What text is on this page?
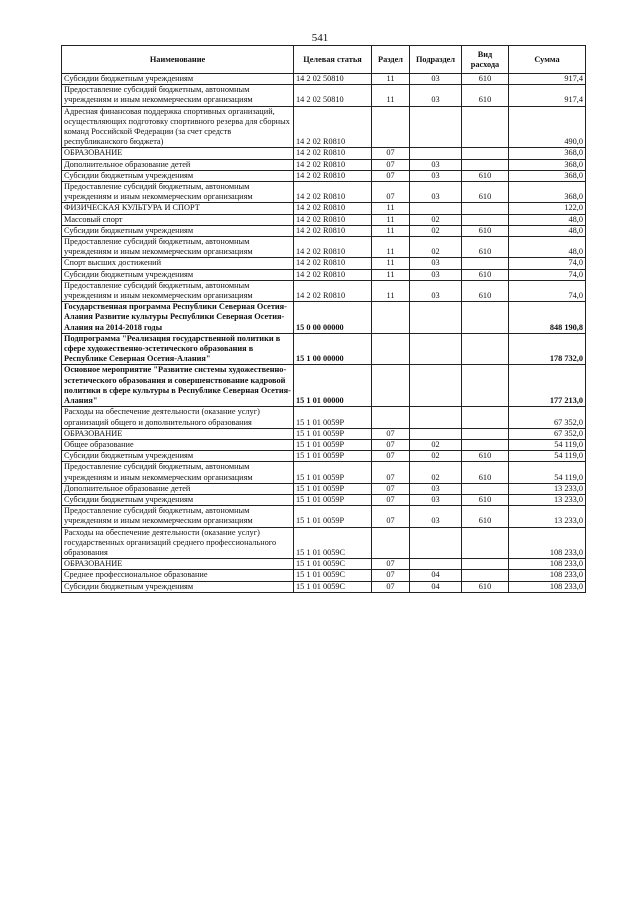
541
Наименование	Целевая статья	Раздел	Подраздел	Вид расхода	Сумма
Субсидии бюджетным учреждениям	14 2 02 50810	11	03	610	917,4
Предоставление субсидий бюджетным, автономным учреждениям и иным некоммерческим организациям	14 2 02 50810	11	03	610	917,4
Адресная финансовая поддержка спортивных организаций, осуществляющих подготовку спортивного резерва для сборных команд Российской Федерации (за счет средств республиканского бюджета)	14 2 02 R0810				490,0
ОБРАЗОВАНИЕ	14 2 02 R0810	07			368,0
Дополнительное образование детей	14 2 02 R0810	07	03		368,0
Субсидии бюджетным учреждениям	14 2 02 R0810	07	03	610	368,0
Предоставление субсидий бюджетным, автономным учреждениям и иным некоммерческим организациям	14 2 02 R0810	07	03	610	368,0
ФИЗИЧЕСКАЯ КУЛЬТУРА И СПОРТ	14 2 02 R0810	11			122,0
Массовый спорт	14 2 02 R0810	11	02		48,0
Субсидии бюджетным учреждениям	14 2 02 R0810	11	02	610	48,0
Предоставление субсидий бюджетным, автономным учреждениям и иным некоммерческим организациям	14 2 02 R0810	11	02	610	48,0
Спорт высших достижений	14 2 02 R0810	11	03		74,0
Субсидии бюджетным учреждениям	14 2 02 R0810	11	03	610	74,0
Предоставление субсидий бюджетным, автономным учреждениям и иным некоммерческим организациям	14 2 02 R0810	11	03	610	74,0
Государственная программа Республики Северная Осетия-Алания Развитие культуры Республики Северная Осетия-Алания на 2014-2018 годы	15 0 00 00000				848 190,8
Подпрограмма "Реализация государственной политики в сфере художественно-эстетического образования в Республике Северная Осетия-Алания"	15 1 00 00000				178 732,0
Основное мероприятие "Развитие системы художественно-эстетического образования и совершенствование кадровой политики в сфере культуры в Республике Северная Осетия-Алания"	15 1 01 00000				177 213,0
Расходы на обеспечение деятельности (оказание услуг) организаций общего и дополнительного образования	15 1 01 0059Р				67 352,0
ОБРАЗОВАНИЕ	15 1 01 0059Р	07			67 352,0
Общее образование	15 1 01 0059Р	07	02		54 119,0
Субсидии бюджетным учреждениям	15 1 01 0059Р	07	02	610	54 119,0
Предоставление субсидий бюджетным, автономным учреждениям и иным некоммерческим организациям	15 1 01 0059Р	07	02	610	54 119,0
Дополнительное образование детей	15 1 01 0059Р	07	03		13 233,0
Субсидии бюджетным учреждениям	15 1 01 0059Р	07	03	610	13 233,0
Предоставление субсидий бюджетным, автономным учреждениям и иным некоммерческим организациям	15 1 01 0059Р	07	03	610	13 233,0
Расходы на обеспечение деятельности (оказание услуг) государственных организаций среднего профессионального образования	15 1 01 0059С				108 233,0
ОБРАЗОВАНИЕ	15 1 01 0059С	07			108 233,0
Среднее профессиональное образование	15 1 01 0059С	07	04		108 233,0
Субсидии бюджетным учреждениям	15 1 01 0059С	07	04	610	108 233,0
